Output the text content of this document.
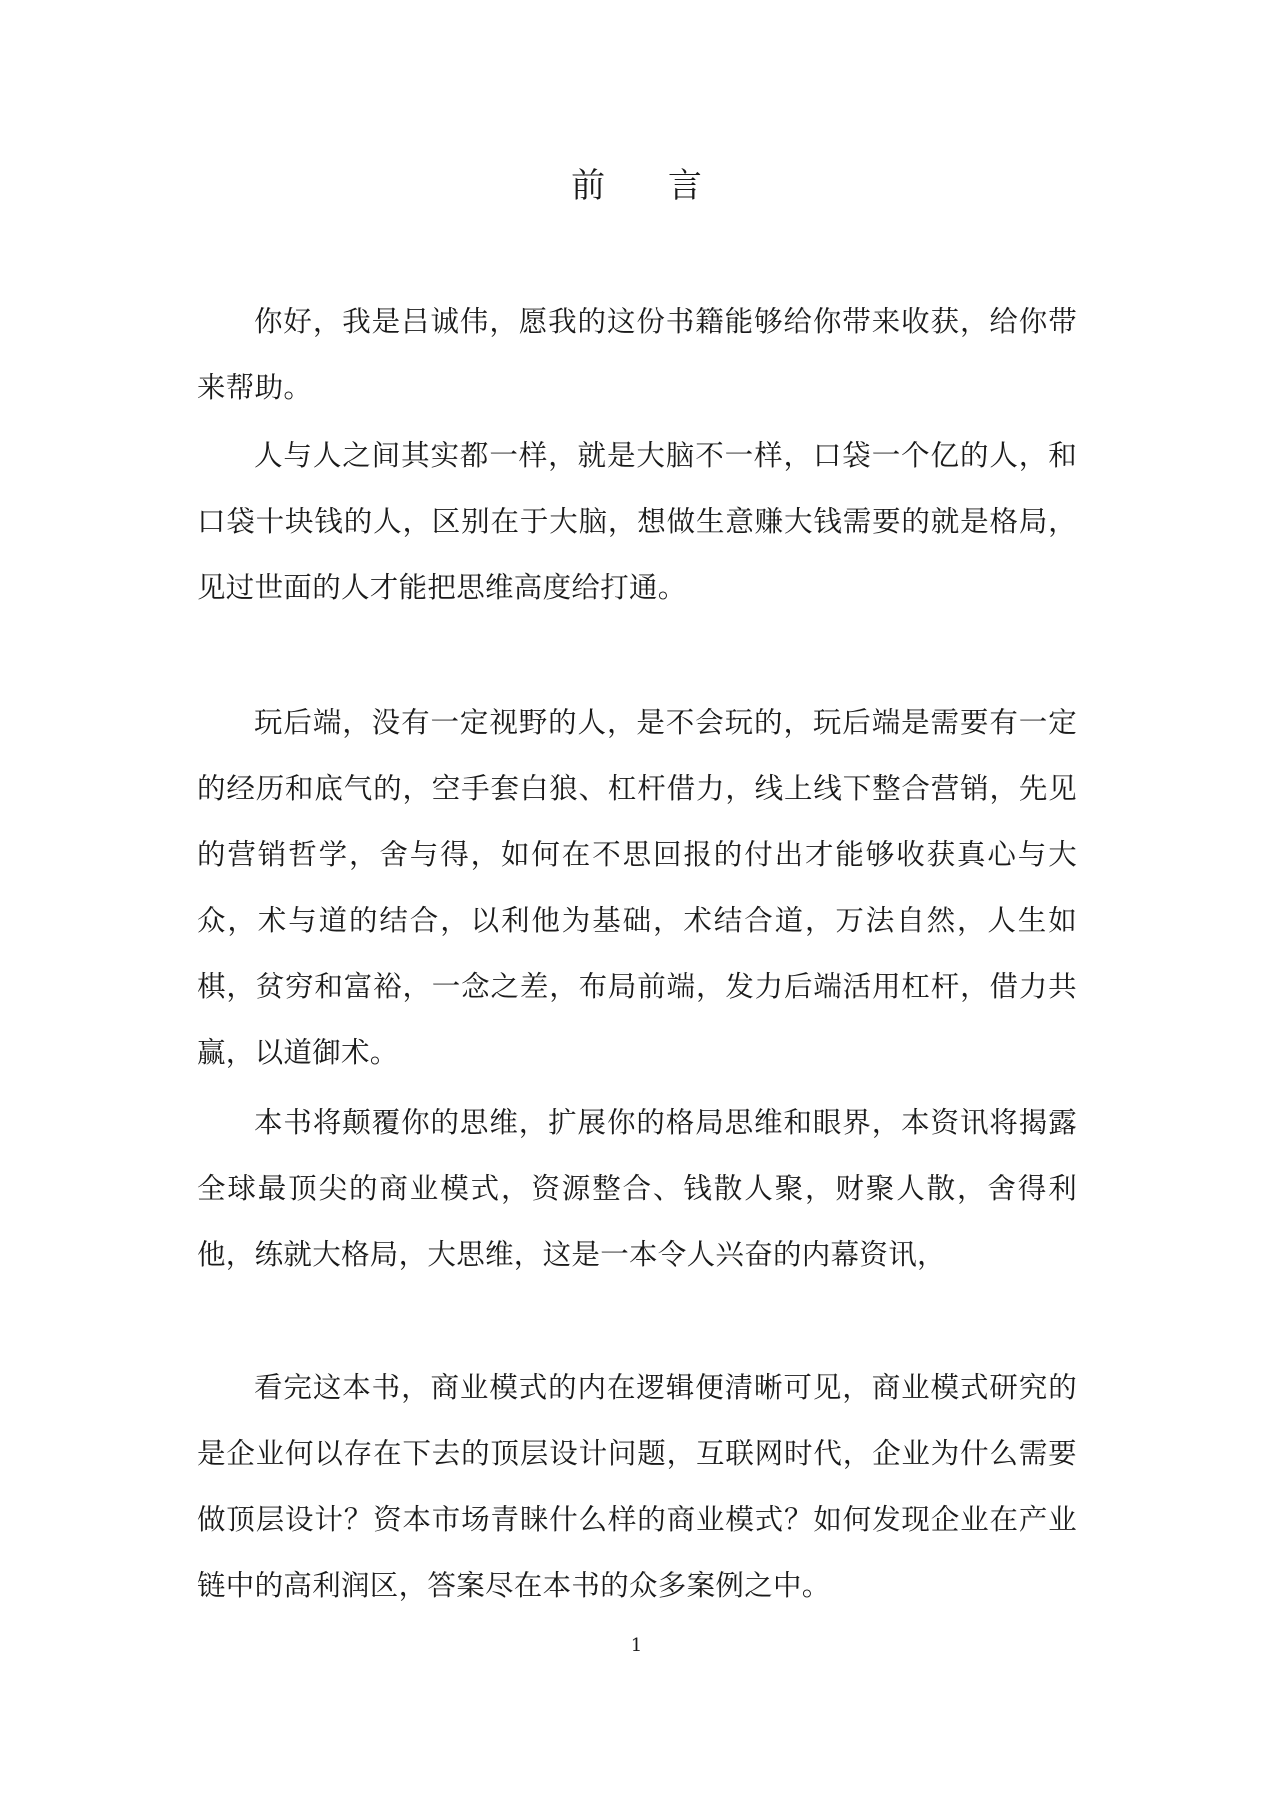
前 言

你好，我是吕诚伟，愿我的这份书籍能够给你带来收获，给你带来帮助。

人与人之间其实都一样，就是大脑不一样，口袋一个亿的人，和口袋十块钱的人，区别在于大脑，想做生意赚大钱需要的就是格局，见过世面的人才能把思维高度给打通。

玩后端，没有一定视野的人，是不会玩的，玩后端是需要有一定的经历和底气的，空手套白狼、杠杆借力，线上线下整合营销，先见的营销哲学，舍与得，如何在不思回报的付出才能够收获真心与大众，术与道的结合，以利他为基础，术结合道，万法自然，人生如棋，贫穷和富裕，一念之差，布局前端，发力后端活用杠杆，借力共赢，以道御术。

本书将颠覆你的思维，扩展你的格局思维和眼界，本资讯将揭露全球最顶尖的商业模式，资源整合、钱散人聚，财聚人散，舍得利他，练就大格局，大思维，这是一本令人兴奋的内幕资讯，

看完这本书，商业模式的内在逻辑便清晰可见，商业模式研究的是企业何以存在下去的顶层设计问题，互联网时代，企业为什么需要做顶层设计？资本市场青睐什么样的商业模式？如何发现企业在产业链中的高利润区，答案尽在本书的众多案例之中。

1
